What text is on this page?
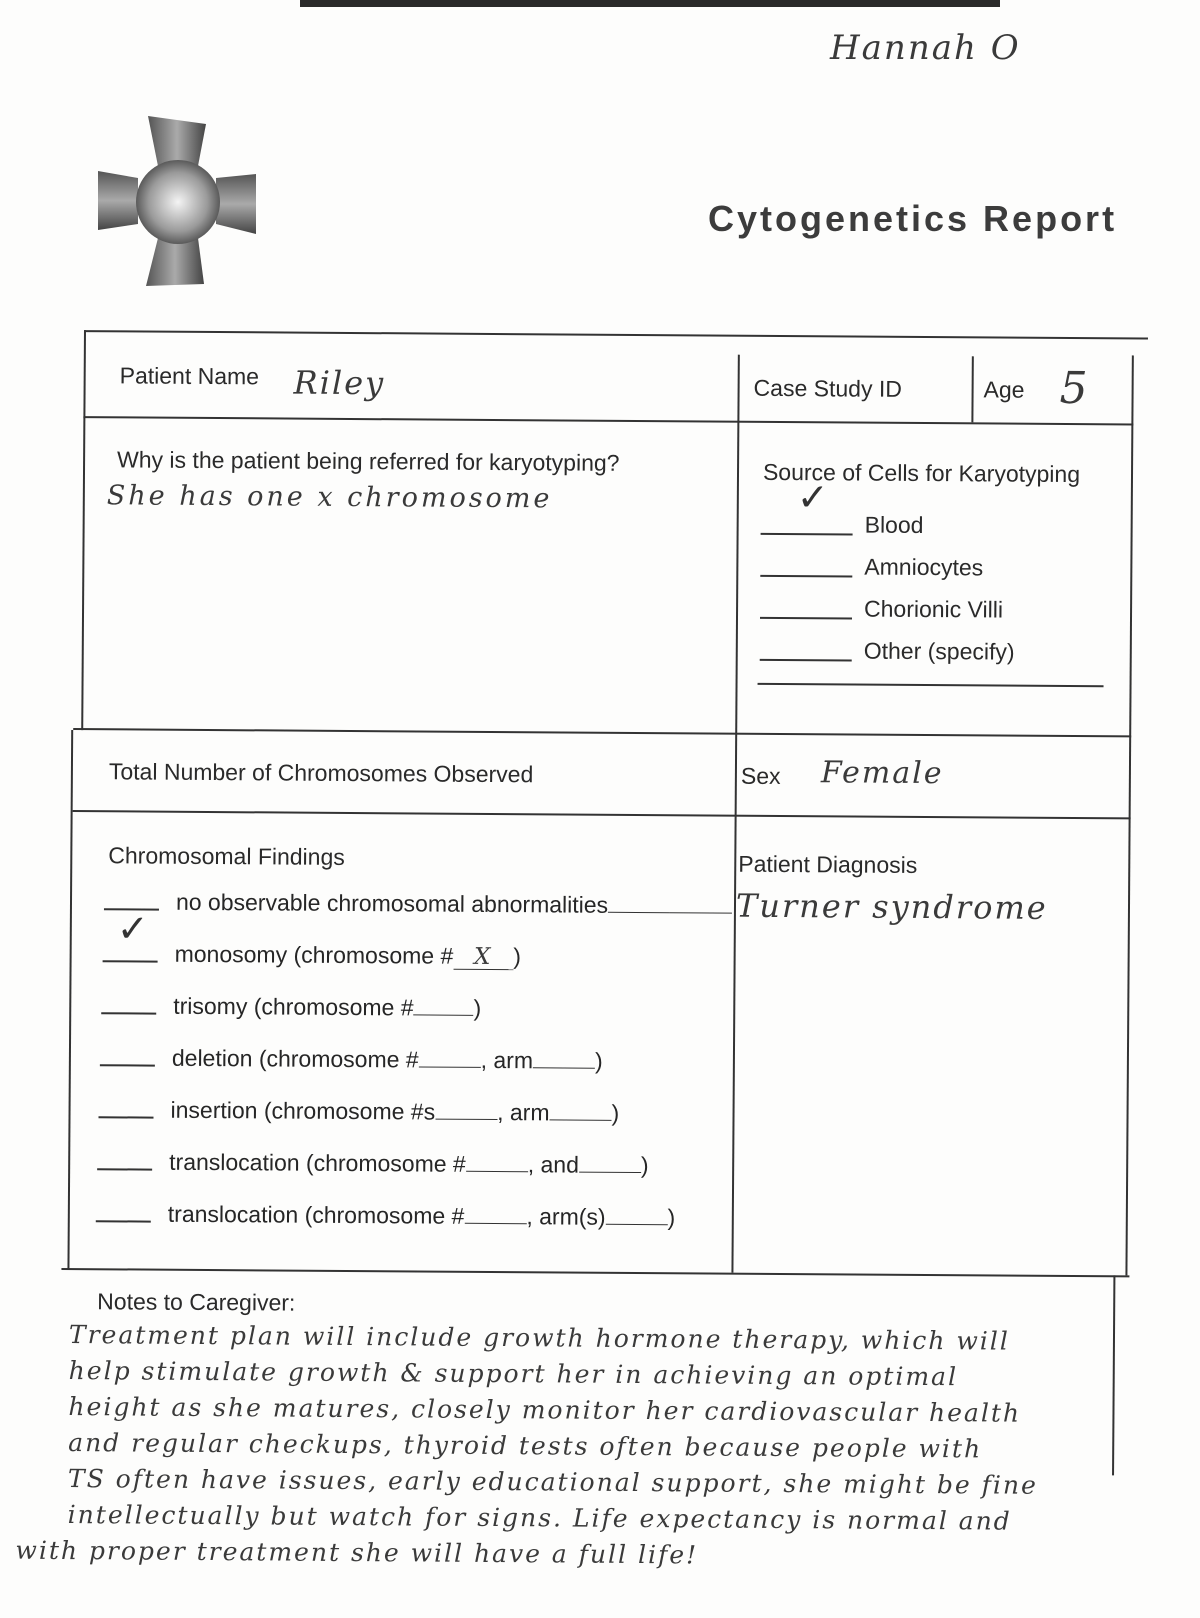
Hannah O
Cytogenetics Report
Patient Name Riley	Case Study ID	Age 5
Why is the patient being referred for karyotyping?
She has one x chromosome
Source of Cells for Karyotyping
✓
Blood
Amniocytes
Chorionic Villi
Other (specify)
Total Number of Chromosomes Observed	Sex Female
Chromosomal Findings
no observable chromosomal abnormalities
✓
monosomy (chromosome # X )
trisomy (chromosome #	)
deletion (chromosome #	, arm	)
insertion (chromosome #s	, arm	)
translocation (chromosome #	, and	)
translocation (chromosome #	, arm(s)	)
Patient Diagnosis
Turner syndrome
Notes to Caregiver:
Treatment plan will include growth hormone therapy, which will
help stimulate growth & support her in achieving an optimal
height as she matures, closely monitor her cardiovascular health
and regular checkups, thyroid tests often because people with
TS often have issues, early educational support, she might be fine
intellectually but watch for signs. Life expectancy is normal and
with proper treatment she will have a full life!
